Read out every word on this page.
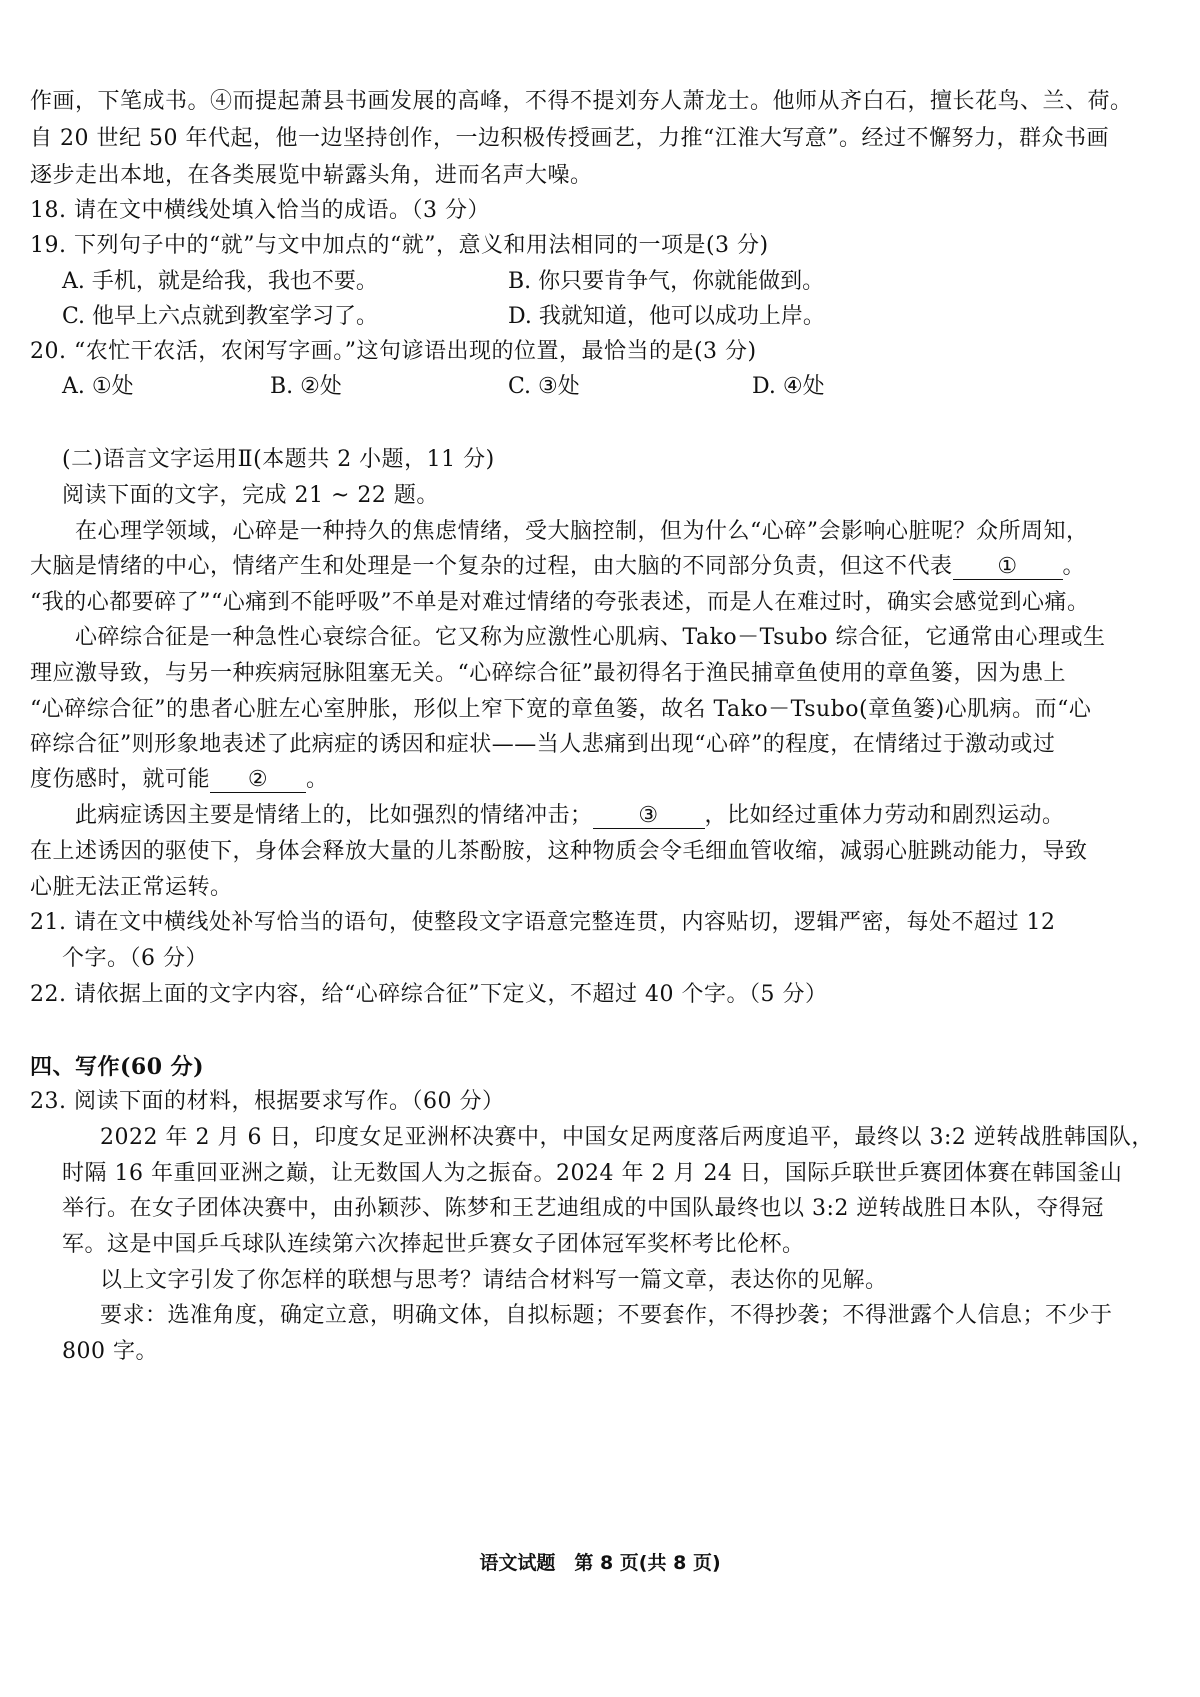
作画，下笔成书。④而提起萧县书画发展的高峰，不得不提刘夯人萧龙士。他师从齐白石，擅长花鸟、兰、荷。
自 20 世纪 50 年代起，他一边坚持创作，一边积极传授画艺，力推“江淮大写意”。经过不懈努力，群众书画
逐步走出本地，在各类展览中崭露头角，进而名声大噪。
18. 请在文中横线处填入恰当的成语。（3 分）
19. 下列句子中的“就”与文中加点的“就”，意义和用法相同的一项是(3 分)
A. 手机，就是给我，我也不要。	B. 你只要肯争气，你就能做到。
C. 他早上六点就到教室学习了。	D. 我就知道，他可以成功上岸。
20. “农忙干农活，农闲写字画。”这句谚语出现的位置，最恰当的是(3 分)
A. ①处	B. ②处	C. ③处	D. ④处
(二)语言文字运用Ⅱ(本题共 2 小题，11 分)
阅读下面的文字，完成 21 ~ 22 题。
在心理学领域，心碎是一种持久的焦虑情绪，受大脑控制，但为什么“心碎”会影响心脏呢？众所周知，
大脑是情绪的中心，情绪产生和处理是一个复杂的过程，由大脑的不同部分负责，但这不代表 ① 。
“我的心都要碎了”“心痛到不能呼吸”不单是对难过情绪的夸张表述，而是人在难过时，确实会感觉到心痛。
心碎综合征是一种急性心衰综合征。它又称为应激性心肌病、Tako－Tsubo 综合征，它通常由心理或生
理应激导致，与另一种疾病冠脉阻塞无关。“心碎综合征”最初得名于渔民捕章鱼使用的章鱼篓，因为患上
“心碎综合征”的患者心脏左心室肿胀，形似上窄下宽的章鱼篓，故名 Tako－Tsubo(章鱼篓)心肌病。而“心
碎综合征”则形象地表述了此病症的诱因和症状——当人悲痛到出现“心碎”的程度，在情绪过于激动或过
度伤感时，就可能 ② 。
此病症诱因主要是情绪上的，比如强烈的情绪冲击； ③ ，比如经过重体力劳动和剧烈运动。
在上述诱因的驱使下，身体会释放大量的儿茶酚胺，这种物质会令毛细血管收缩，减弱心脏跳动能力，导致
心脏无法正常运转。
21. 请在文中横线处补写恰当的语句，使整段文字语意完整连贯，内容贴切，逻辑严密，每处不超过 12
个字。（6 分）
22. 请依据上面的文字内容，给“心碎综合征”下定义，不超过 40 个字。（5 分）
四、写作(60 分)
23. 阅读下面的材料，根据要求写作。（60 分）
2022 年 2 月 6 日，印度女足亚洲杯决赛中，中国女足两度落后两度追平，最终以 3:2 逆转战胜韩国队，
时隔 16 年重回亚洲之巅，让无数国人为之振奋。2024 年 2 月 24 日，国际乒联世乒赛团体赛在韩国釜山
举行。在女子团体决赛中，由孙颖莎、陈梦和王艺迪组成的中国队最终也以 3:2 逆转战胜日本队，夺得冠
军。这是中国乒乓球队连续第六次捧起世乒赛女子团体冠军奖杯考比伦杯。
以上文字引发了你怎样的联想与思考？请结合材料写一篇文章，表达你的见解。
要求：选准角度，确定立意，明确文体，自拟标题；不要套作，不得抄袭；不得泄露个人信息；不少于
800 字。
语文试题　第 8 页(共 8 页)
